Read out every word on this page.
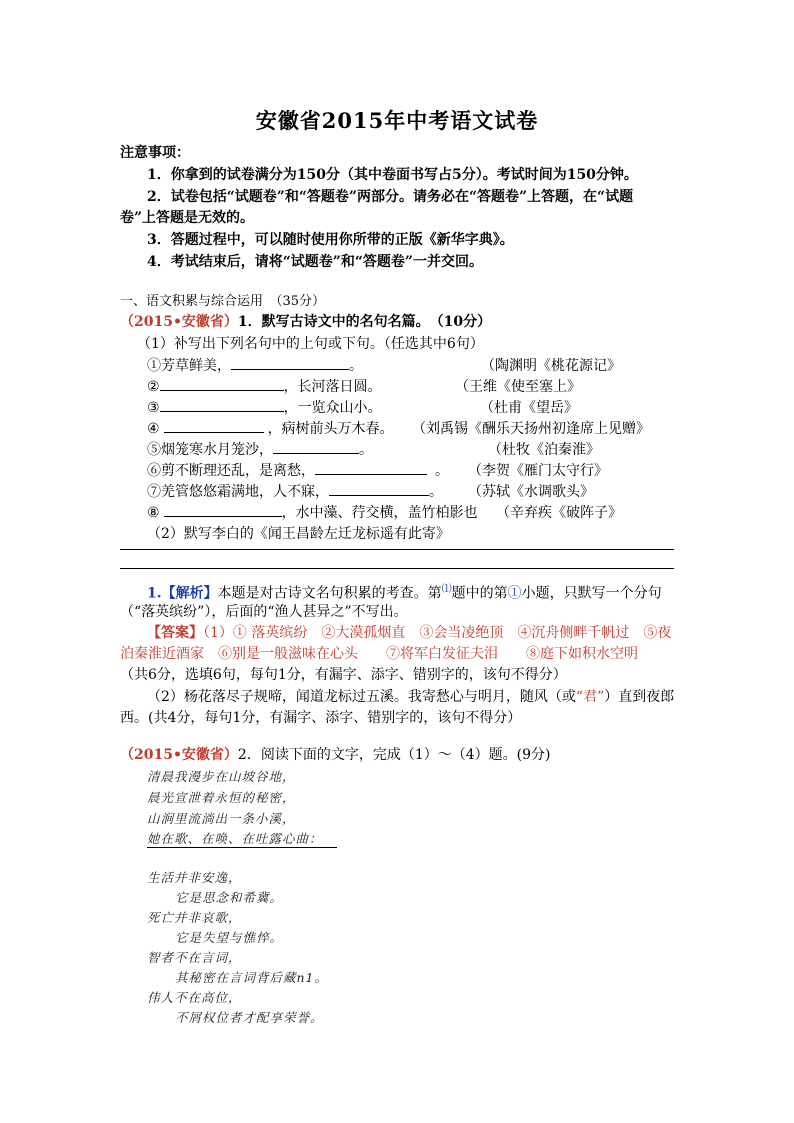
安徽省2015年中考语文试卷
注意事项：
1．你拿到的试卷满分为150分（其中卷面书写占5分）。考试时间为150分钟。
2．试卷包括“试题卷”和“答题卷”两部分。请务必在“答题卷”上答题，在“试题
卷”上答题是无效的。
3．答题过程中，可以随时使用你所带的正版《新华字典》。
4．考试结束后，请将“试题卷”和“答题卷”一并交回。
一、语文积累与综合运用　（35分）
（2015•安徽省）1．默写古诗文中的名句名篇。　（10分）
（1）补写出下列名句中的上句或下句。（任选其中6句）
①芳草鲜美，	。	（陶渊明《桃花源记》
②	，长河落日圆。	（王维《使至塞上》
③	，一览众山小。	（杜甫《望岳》
④	，病树前头万木春。 （刘禹锡《酬乐天扬州初逢席上见赠》
⑤烟笼寒水月笼沙，	。	（杜牧《泊秦淮》
⑥剪不断理还乱，是离愁，	。 （李贺《雁门太守行》
⑦羌管悠悠霜满地，人不寐，	。 （苏轼《水调歌头》
⑧	，水中藻、荇交横，盖竹柏影也 （辛弃疾《破阵子》
（2）默写李白的《闻王昌龄左迁龙标遥有此寄》
1.【解析】本题是对古诗文名句积累的考查。第⑴题中的第①小题，只默写一个分句
（“落英缤纷”），后面的“渔人甚异之”不写出。
【答案】（1）① 落英缤纷　②大漠孤烟直　③会当凌绝顶　④沉舟侧畔千帆过　⑤夜
泊秦淮近酒家　⑥别是一般滋味在心头　　⑦将军白发征夫泪　　⑧庭下如积水空明
（共6分，选填6句，每句1分，有漏字、添字、错别字的，该句不得分）
（2）杨花落尽子规啼，闻道龙标过五溪。我寄愁心与明月，随风（或“君”）直到夜郎
西。(共4分，每句1分，有漏字、添字、错别字的，该句不得分）
（2015•安徽省）2．阅读下面的文字，完成（1）～（4）题。(9分)
清晨我漫步在山坡谷地，
晨光宣泄着永恒的秘密，
山涧里流淌出一条小溪，
她在歌、在唤、在吐露心曲：
生活并非安逸，
它是思念和希冀。
死亡并非哀歌，
它是失望与憔悴。
智者不在言词，
其秘密在言词背后藏n1。
伟人不在高位，
不屑权位者才配享荣誉。
